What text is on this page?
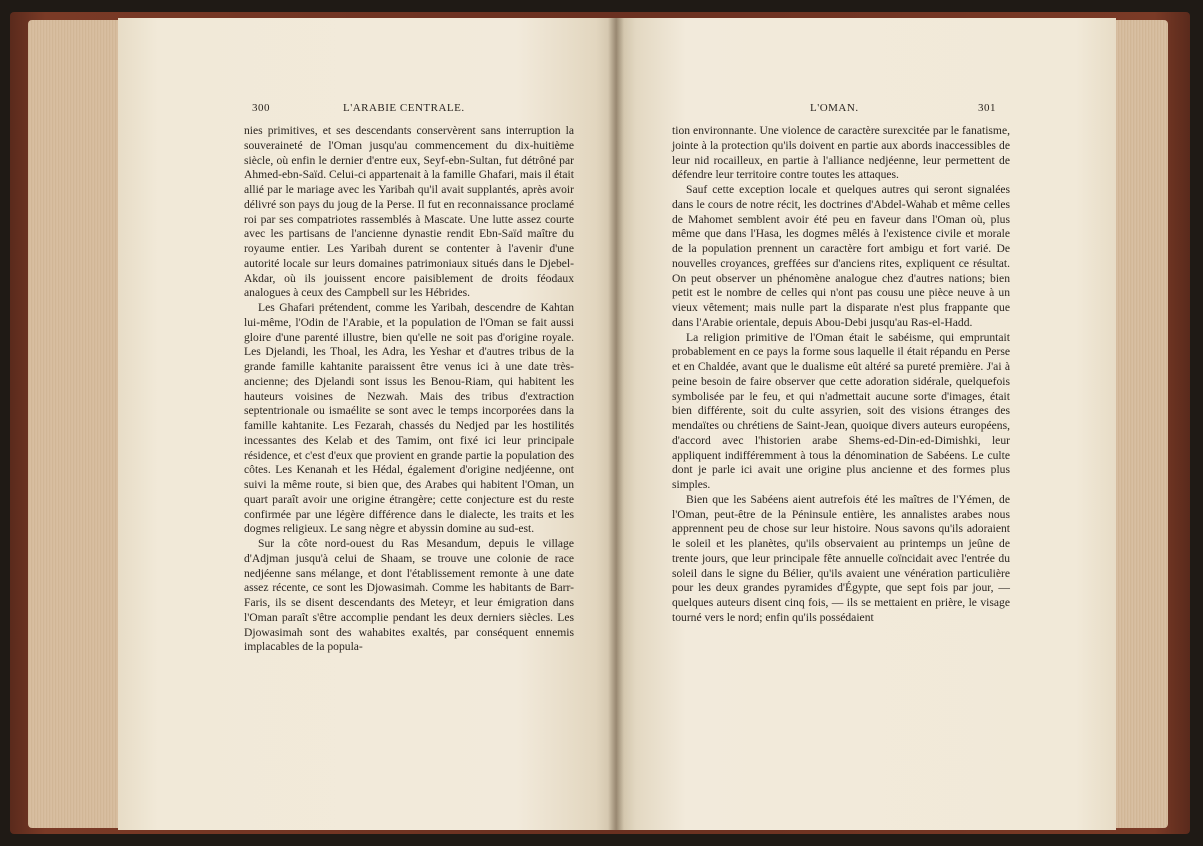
300	L'ARABIE CENTRALE.

nies primitives, et ses descendants conservèrent sans interruption la souveraineté de l'Oman jusqu'au commencement du dix-huitième siècle, où enfin le dernier d'entre eux, Seyf-ebn-Sultan, fut détrôné par Ahmed-ebn-Saïd. Celui-ci appartenait à la famille Ghafari, mais il était allié par le mariage avec les Yaribah qu'il avait supplantés, après avoir délivré son pays du joug de la Perse. Il fut en reconnaissance proclamé roi par ses compatriotes rassemblés à Mascate. Une lutte assez courte avec les partisans de l'ancienne dynastie rendit Ebn-Saïd maître du royaume entier. Les Yaribah durent se contenter à l'avenir d'une autorité locale sur leurs domaines patrimoniaux situés dans le Djebel-Akdar, où ils jouissent encore paisiblement de droits féodaux analogues à ceux des Campbell sur les Hébrides.

Les Ghafari prétendent, comme les Yaribah, descendre de Kahtan lui-même, l'Odin de l'Arabie, et la population de l'Oman se fait aussi gloire d'une parenté illustre, bien qu'elle ne soit pas d'origine royale. Les Djelandi, les Thoal, les Adra, les Yeshar et d'autres tribus de la grande famille kahtanite paraissent être venus ici à une date très-ancienne; des Djelandi sont issus les Benou-Riam, qui habitent les hauteurs voisines de Nezwah. Mais des tribus d'extraction septentrionale ou ismaélite se sont avec le temps incorporées dans la famille kahtanite. Les Fezarah, chassés du Nedjed par les hostilités incessantes des Kelab et des Tamim, ont fixé ici leur principale résidence, et c'est d'eux que provient en grande partie la population des côtes. Les Kenanah et les Hédal, également d'origine nedjéenne, ont suivi la même route, si bien que, des Arabes qui habitent l'Oman, un quart paraît avoir une origine étrangère; cette conjecture est du reste confirmée par une légère différence dans le dialecte, les traits et les dogmes religieux. Le sang nègre et abyssin domine au sud-est.

Sur la côte nord-ouest du Ras Mesandum, depuis le village d'Adjman jusqu'à celui de Shaam, se trouve une colonie de race nedjéenne sans mélange, et dont l'établissement remonte à une date assez récente, ce sont les Djowasimah. Comme les habitants de Barr-Faris, ils se disent descendants des Meteyr, et leur émigration dans l'Oman paraît s'être accomplie pendant les deux derniers siècles. Les Djowasimah sont des wahabites exaltés, par conséquent ennemis implacables de la popula-

L'OMAN.	301

tion environnante. Une violence de caractère surexcitée par le fanatisme, jointe à la protection qu'ils doivent en partie aux abords inaccessibles de leur nid rocailleux, en partie à l'alliance nedjéenne, leur permettent de défendre leur territoire contre toutes les attaques.

Sauf cette exception locale et quelques autres qui seront signalées dans le cours de notre récit, les doctrines d'Abdel-Wahab et même celles de Mahomet semblent avoir été peu en faveur dans l'Oman où, plus même que dans l'Hasa, les dogmes mêlés à l'existence civile et morale de la population prennent un caractère fort ambigu et fort varié. De nouvelles croyances, greffées sur d'anciens rites, expliquent ce résultat. On peut observer un phénomène analogue chez d'autres nations; bien petit est le nombre de celles qui n'ont pas cousu une pièce neuve à un vieux vêtement; mais nulle part la disparate n'est plus frappante que dans l'Arabie orientale, depuis Abou-Debi jusqu'au Ras-el-Hadd.

La religion primitive de l'Oman était le sabéisme, qui empruntait probablement en ce pays la forme sous laquelle il était répandu en Perse et en Chaldée, avant que le dualisme eût altéré sa pureté première. J'ai à peine besoin de faire observer que cette adoration sidérale, quelquefois symbolisée par le feu, et qui n'admettait aucune sorte d'images, était bien différente, soit du culte assyrien, soit des visions étranges des mendaïtes ou chrétiens de Saint-Jean, quoique divers auteurs européens, d'accord avec l'historien arabe Shems-ed-Din-ed-Dimishki, leur appliquent indifféremment à tous la dénomination de Sabéens. Le culte dont je parle ici avait une origine plus ancienne et des formes plus simples.

Bien que les Sabéens aient autrefois été les maîtres de l'Yémen, de l'Oman, peut-être de la Péninsule entière, les annalistes arabes nous apprennent peu de chose sur leur histoire. Nous savons qu'ils adoraient le soleil et les planètes, qu'ils observaient au printemps un jeûne de trente jours, que leur principale fête annuelle coïncidait avec l'entrée du soleil dans le signe du Bélier, qu'ils avaient une vénération particulière pour les deux grandes pyramides d'Égypte, que sept fois par jour, — quelques auteurs disent cinq fois, — ils se mettaient en prière, le visage tourné vers le nord; enfin qu'ils possédaient
